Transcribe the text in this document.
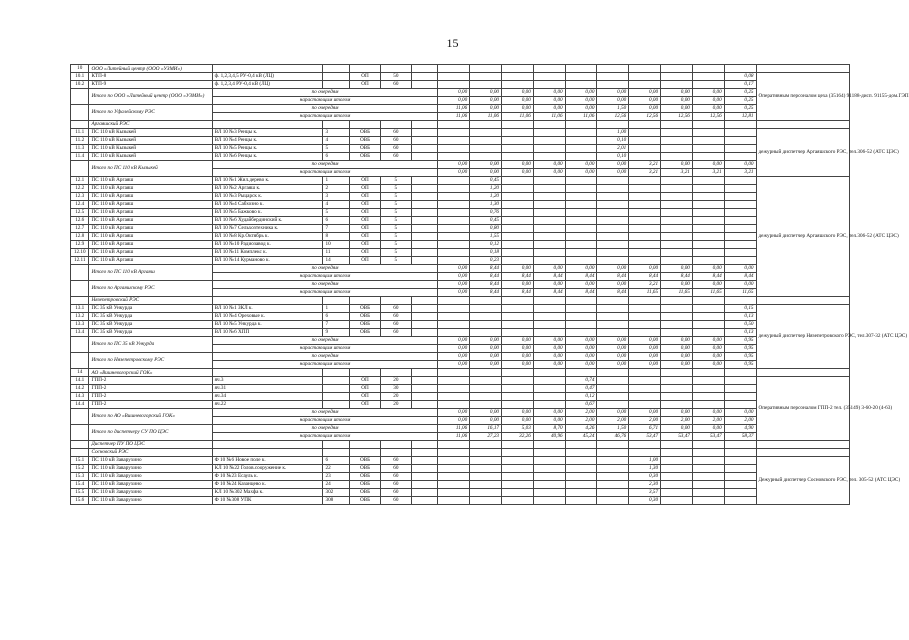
15
10	ООО «Литейный центр (ООО «УЗМИ»)																
10.1	КТП-8	ф. 1,2,3,4,5 РУ-0,4 кВ (ЛЦ)		ОП	50											0,08	Оперативным персоналом цеха (35164) 91188-дисп. 91155-дом.ГЭП
10.2	КТП-9	ф. 1,2,3,4 РУ-0,4 кВ (ЛЦ)		ОП	60											0,17	
	Итого по ООО «Литейный центр (ООО «УЗМИ»)	по очередям					0,00	0,00	0,00	0,00	0,00	0,00	0,00	0,00	0,00	0,25	
		нарастающим итогом					0,00	0,00	0,00	0,00	0,00	0,00	0,00	0,00	0,00	0,25	
	Итого по Уфалейскому РЭС	по очередям					11,06	0,00	0,00	0,00	0,00	1,50	0,00	0,00	0,00	0,25	
		нарастающим итогом					11,06	11,06	11,06	11,06	11,06	12,56	12,56	12,56	12,56	12,81	
	Аргаяшский РЭС																
11.1	ПС 110 кВ Кызыкей	ВЛ 10 №3 Ренцы к.	3	ОВБ	60							1,00					дежурный диспетчер Аргаяшского РЭС, тел.306-52 (АТС ЦЭС)
11.2	ПС 110 кВ Кызыкей	ВЛ 10 №4 Ренцы к.	4	ОВБ	60							0,10					
11.3	ПС 110 кВ Кызыкей	ВЛ 10 №5 Ренцы к.	5	ОВБ	60							2,01					
11.4	ПС 110 кВ Кызыкей	ВЛ 10 №6 Ренцы к.	6	ОВБ	60							0,10					
	Итого по ПС 110 кВ Кызыкей	по очередям					0,00	0,00	0,00	0,00	0,00	0,00	3,21	0,00	0,00	0,00	
		нарастающим итогом					0,00	0,00	0,00	0,00	0,00	0,00	3,21	3,21	3,21	3,21	
12.1	ПС 110 кВ Аргаяш	ВЛ 10 №1 Жил.дерево к.	1	ОП	5			0,45									дежурный диспетчер Аргаяшского РЭС, тел.306-52 (АТС ЦЭС)
12.2	ПС 110 кВ Аргаяш	ВЛ 10 №2 Аргаяш к.	2	ОП	5			1,20									
12.3	ПС 110 кВ Аргаяш	ВЛ 10 №3 Рыцарск к.	3	ОП	5			1,20									
12.4	ПС 110 кВ Аргаяш	ВЛ 10 №4 Сабхозно к.	4	ОП	5			1,30									
12.5	ПС 110 кВ Аргаяш	ВЛ 10 №5 Бажково к.	5	ОП	5			0,76									
12.6	ПС 110 кВ Аргаяш	ВЛ 10 №6 Худайбердинский к.	6	ОП	5			0,45									
12.7	ПС 110 кВ Аргаяш	ВЛ 10 №7 Сельхозтехника к.	7	ОП	5			0,80									
12.8	ПС 110 кВ Аргаяш	ВЛ 10 №8 Кр.Октябрь к.	8	ОП	5			1,55									
12.9	ПС 110 кВ Аргаяш	ВЛ 10 №10 Радиозавод к.	10	ОП	5			0,12									
12.10	ПС 110 кВ Аргаяш	ВЛ 10 №11 Комплекс к.	11	ОП	5			0,18									
12.11	ПС 110 кВ Аргаяш	ВЛ 10 №14 Курманово к.	14	ОП	5			0,23									
	Итого по ПС 110 кВ Аргаяш	по очередям					0,00	8,44	0,00	0,00	0,00	0,00	0,00	0,00	0,00	0,00	
		нарастающим итогом					0,00	8,44	8,44	8,44	8,44	8,44	8,44	8,44	8,44	8,44	
	Итого по Аргаяшскому РЭС	по очередям					0,00	8,44	0,00	0,00	0,00	0,00	3,21	0,00	0,00	0,00	
		нарастающим итогом					0,00	8,44	8,44	8,44	8,44	8,44	11,65	11,65	11,65	11,65	
	Нязепетровский РЭС																
13.1	ПС 35 кВ Ункурда	ВЛ 10 №1 ЗКЛ к.	1	ОВБ	60											0,15	дежурный диспетчер Нязепетровского РЭС, тел.307-32 (АТС ЦЭС)
13.2	ПС 35 кВ Ункурда	ВЛ 10 №4 Ореховые к.	6	ОВБ	60											0,13	
13.3	ПС 35 кВ Ункурда	ВЛ 10 №5 Ункурда к.	7	ОВБ	60											0,50	
13.4	ПС 35 кВ Ункурда	ВЛ 10 №6 ХПП	9	ОВБ	60											0,13	
	Итого по ПС 35 кВ Ункурда	по очередям					0,00	0,00	0,00	0,00	0,00	0,00	0,00	0,00	0,00	0,95	
		нарастающим итогом					0,00	0,00	0,00	0,00	0,00	0,00	0,00	0,00	0,00	0,95	
	Итого по Нязепетровскому РЭС	по очередям					0,00	0,00	0,00	0,00	0,00	0,00	0,00	0,00	0,00	0,95	
		нарастающим итогом					0,00	0,00	0,00	0,00	0,00	0,00	0,00	0,00	0,00	0,95	
14	АО «Вишневогорский ГОК»																
14.1	ГПП-2	яч.3		ОП	20						0,74						Оперативным персоналом ГПП-2 тел. (35149) 3-60-20 (4-63)
14.2	ГПП-2	яч.31		ОП	30						0,47						
14.3	ГПП-2	яч.34		ОП	20						0,12						
14.4	ГПП-2	яч.22		ОП	20						0,67						
	Итого по АО «Вишневогорский ГОК»	по очередям					0,00	0,00	0,00	0,00	2,00	0,00	0,00	0,00	0,00	0,00	
		нарастающим итогом					0,00	0,00	0,00	0,00	2,00	2,00	2,00	2,00	2,00	2,00	
	Итого по диспетчеру СУ ПО ЦЭС	по очередям					11,06	16,17	5,03	8,70	4,26	1,50	6,71	0,00	0,00	4,90	
		нарастающим итогом					11,06	27,23	32,26	40,96	45,24	46,76	53,47	53,47	53,47	58,37	
	Диспетчер ПУ ПО ЦЭС																
	Сосновский РЭС																
15.1	ПС 110 кВ Заварухино	Ф 10 №6 Новое поле к.	6	ОВБ	60								1,00				Дежурный диспетчер Сосновского РЭС, тел. 305-52 (АТС ЦЭС)
15.2	ПС 110 кВ Заварухино	КЛ 10 №22 Голов.сооружение к.	22	ОВБ	60								1,30				
15.3	ПС 110 кВ Заварухино	Ф 10 №23 Есауль к.	23	ОВБ	60								0,30				
15.4	ПС 110 кВ Заварухино	Ф 10 №24 Казанцево к.	24	ОВБ	60								2,30				
15.5	ПС 110 кВ Заварухино	КЛ 10 №302 Махфа к.	302	ОВБ	60								3,57				
15.6	ПС 110 кВ Заварухино	Ф 10 №308 УПК	308	ОВБ	60								0,30				
